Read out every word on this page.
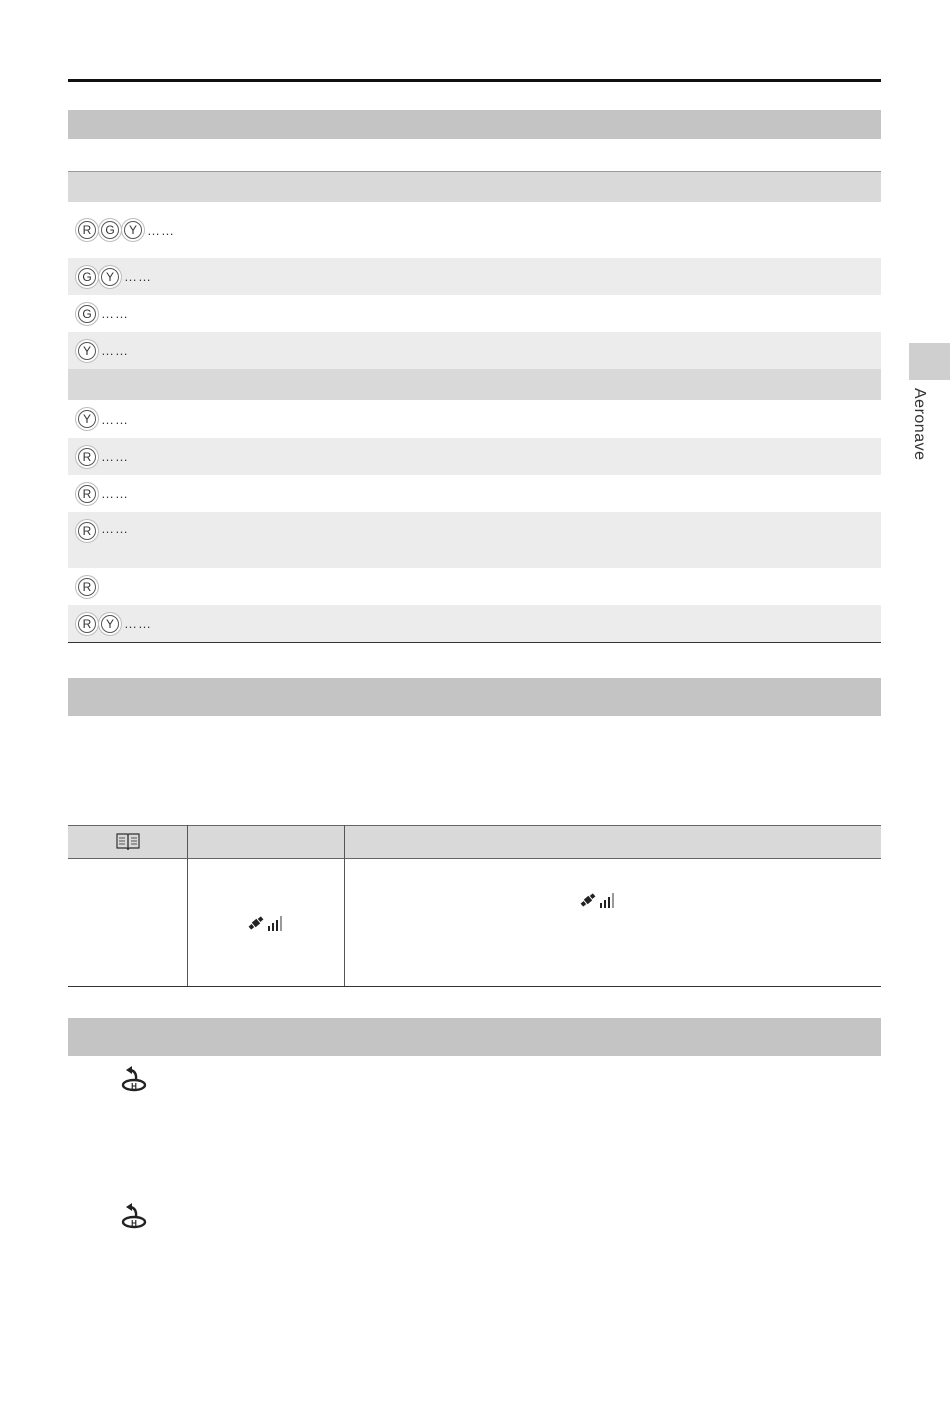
R	G	Y ……
G	Y ……
G ……
Y ……
Y ……
R ……
R ……
R ……
R
R	Y ……
H
H
Aeronave
